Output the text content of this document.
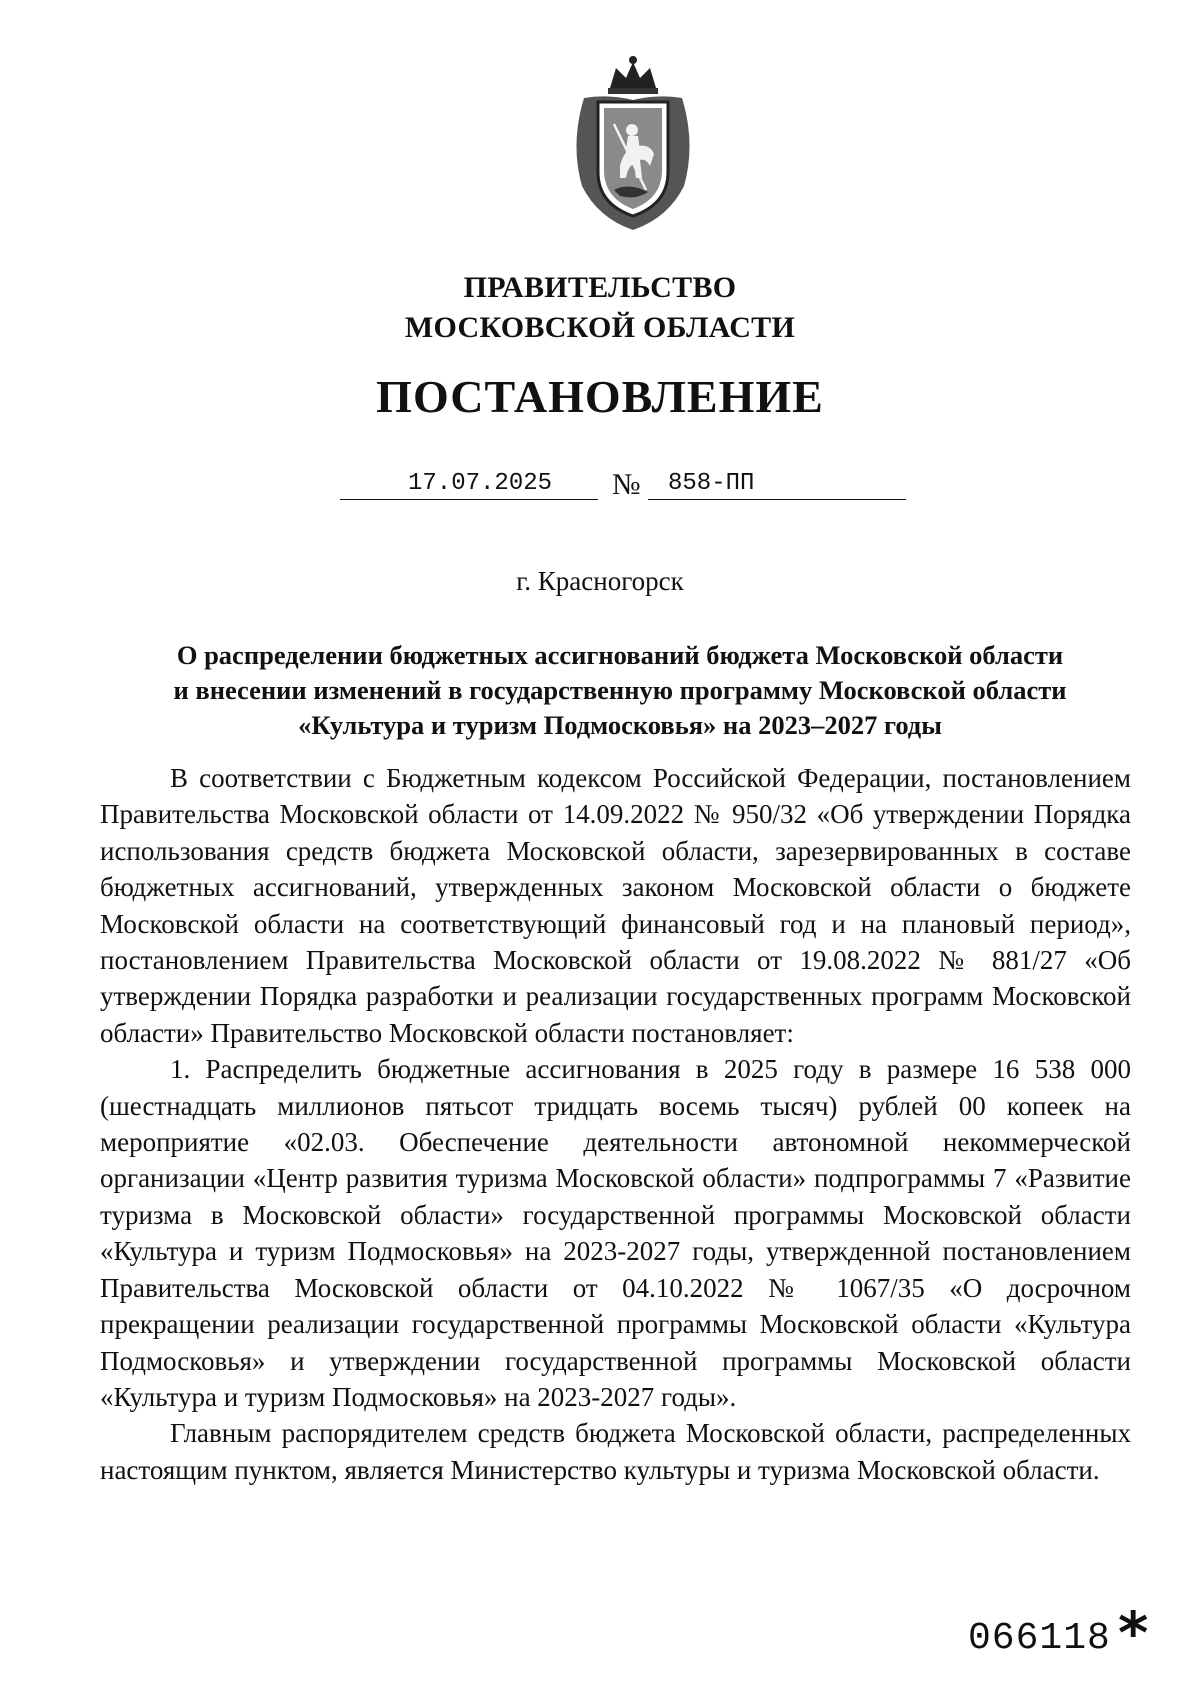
ПРАВИТЕЛЬСТВО
МОСКОВСКОЙ ОБЛАСТИ
ПОСТАНОВЛЕНИЕ
17.07.2025 № 858-ПП
г. Красногорск
О распределении бюджетных ассигнований бюджета Московской области
и внесении изменений в государственную программу Московской области
«Культура и туризм Подмосковья» на 2023–2027 годы

В соответствии с Бюджетным кодексом Российской Федерации, постановлением Правительства Московской области от 14.09.2022 № 950/32 «Об утверждении Порядка использования средств бюджета Московской области, зарезервированных в составе бюджетных ассигнований, утвержденных законом Московской области о бюджете Московской области на соответствующий финансовый год и на плановый период», постановлением Правительства Московской области от 19.08.2022 № 881/27 «Об утверждении Порядка разработки и реализации государственных программ Московской области» Правительство Московской области постановляет:

1. Распределить бюджетные ассигнования в 2025 году в размере 16 538 000 (шестнадцать миллионов пятьсот тридцать восемь тысяч) рублей 00 копеек на мероприятие «02.03. Обеспечение деятельности автономной некоммерческой организации «Центр развития туризма Московской области» подпрограммы 7 «Развитие туризма в Московской области» государственной программы Московской области «Культура и туризм Подмосковья» на 2023-2027 годы, утвержденной постановлением Правительства Московской области от 04.10.2022 № 1067/35 «О досрочном прекращении реализации государственной программы Московской области «Культура Подмосковья» и утверждении государственной программы Московской области «Культура и туризм Подмосковья» на 2023-2027 годы».

Главным распорядителем средств бюджета Московской области, распределенных настоящим пунктом, является Министерство культуры и туризма Московской области.

066118 *
